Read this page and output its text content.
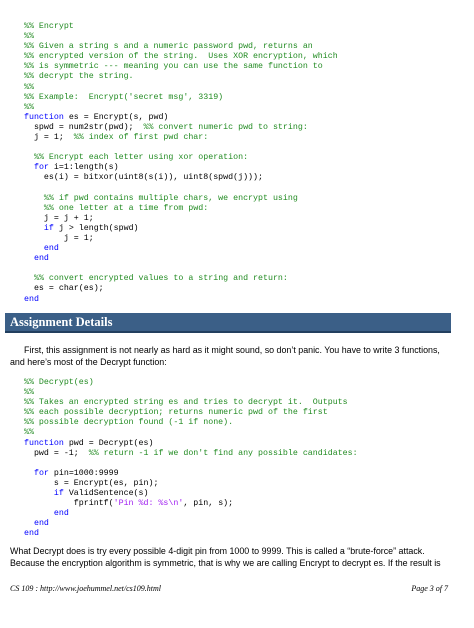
%% Encrypt
%%
%% Given a string s and a numeric password pwd, returns an
%% encrypted version of the string.  Uses XOR encryption, which
%% is symmetric --- meaning you can use the same function to
%% decrypt the string.
%%
%% Example:  Encrypt('secret msg', 3319)
%%
function es = Encrypt(s, pwd)
spwd = num2str(pwd);  %% convert numeric pwd to string:
j = 1;  %% index of first pwd char:

%% Encrypt each letter using xor operation:
for i=1:length(s)
es(i) = bitxor(uint8(s(i)), uint8(spwd(j)));

%% if pwd contains multiple chars, we encrypt using
%% one letter at a time from pwd:
j = j + 1;
if j > length(spwd)
j = 1;
end
end

%% convert encrypted values to a string and return:
es = char(es);
end
Assignment Details
First, this assignment is not nearly as hard as it might sound, so don’t panic. You have to write 3 functions,
and here’s most of the Decrypt function:
%% Decrypt(es)
%%
%% Takes an encrypted string es and tries to decrypt it.  Outputs
%% each possible decryption; returns numeric pwd of the first
%% possible decryption found (-1 if none).
%%
function pwd = Decrypt(es)
pwd = -1;  %% return -1 if we don't find any possible candidates:

for pin=1000:9999
s = Encrypt(es, pin);
if ValidSentence(s)
fprintf('Pin %d: %s\n', pin, s);
end
end
end
What Decrypt does is try every possible 4-digit pin from 1000 to 9999. This is called a “brute-force” attack.
Because the encryption algorithm is symmetric, that is why we are calling Encrypt to decrypt es. If the result is
CS 109 : http://www.joehummel.net/cs109.html	Page 3 of 7
